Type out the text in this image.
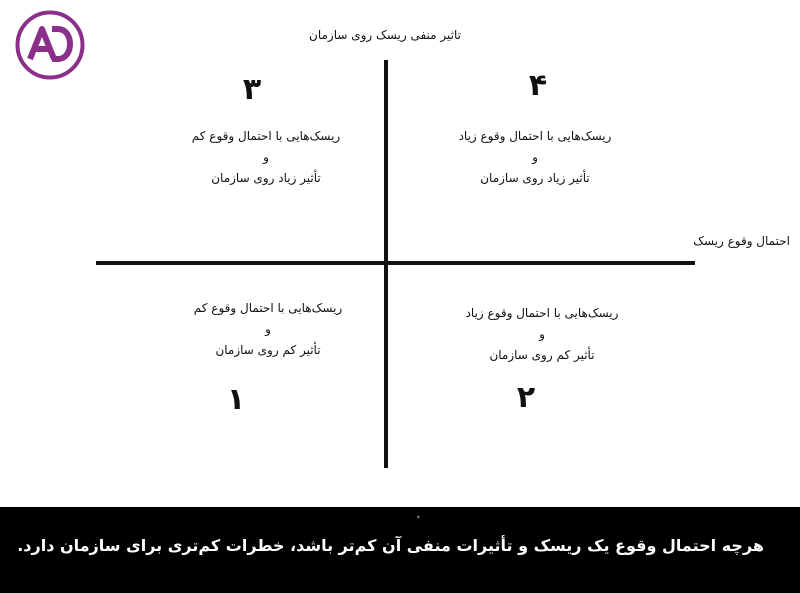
تاثیر منفی ریسک روی سازمان
احتمال وقوع ریسک
۳
ریسک‌هایی با احتمال وقوع کم
و
تأثیر زیاد روی سازمان
۴
ریسک‌هایی با احتمال وقوع زیاد
و
تأثیر زیاد روی سازمان
ریسک‌هایی با احتمال وقوع کم
و
تأثیر کم روی سازمان
۱
ریسک‌هایی با احتمال وقوع زیاد
و
تأثیر کم روی سازمان
۲
•
هرچه احتمال وقوع یک ریسک و تأثیرات منفی آن کم‌تر باشد، خطرات کم‌تری برای سازمان دارد.
